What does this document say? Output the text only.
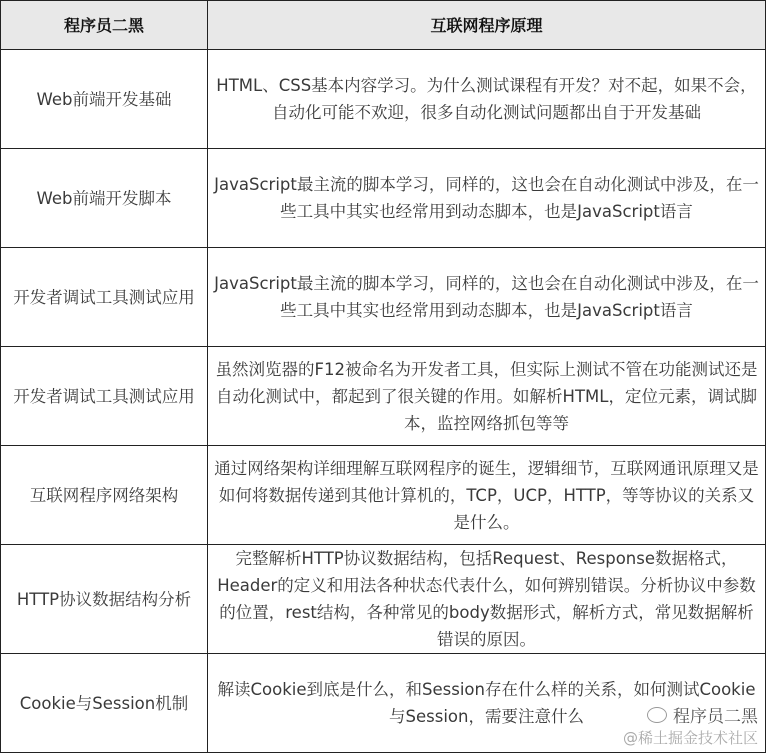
程序员二黑	互联网程序原理
Web前端开发基础	HTML、CSS基本内容学习。为什么测试课程有开发？对不起，如果不会，自动化可能不欢迎，很多自动化测试问题都出自于开发基础
Web前端开发脚本	JavaScript最主流的脚本学习，同样的，这也会在自动化测试中涉及，在一些工具中其实也经常用到动态脚本，也是JavaScript语言
开发者调试工具测试应用	JavaScript最主流的脚本学习，同样的，这也会在自动化测试中涉及，在一些工具中其实也经常用到动态脚本，也是JavaScript语言
开发者调试工具测试应用	虽然浏览器的F12被命名为开发者工具，但实际上测试不管在功能测试还是自动化测试中，都起到了很关键的作用。如解析HTML，定位元素，调试脚本，监控网络抓包等等
互联网程序网络架构	通过网络架构详细理解互联网程序的诞生，逻辑细节，互联网通讯原理又是如何将数据传递到其他计算机的，TCP，UCP，HTTP，等等协议的关系又是什么。
HTTP协议数据结构分析	完整解析HTTP协议数据结构，包括Request、Response数据格式，Header的定义和用法各种状态代表什么，如何辨别错误。分析协议中参数的位置，rest结构，各种常见的body数据形式，解析方式，常见数据解析错误的原因。
Cookie与Session机制	解读Cookie到底是什么，和Session存在什么样的关系，如何测试Cookie与Session，需要注意什么	程序员二黑
@稀土掘金技术社区
